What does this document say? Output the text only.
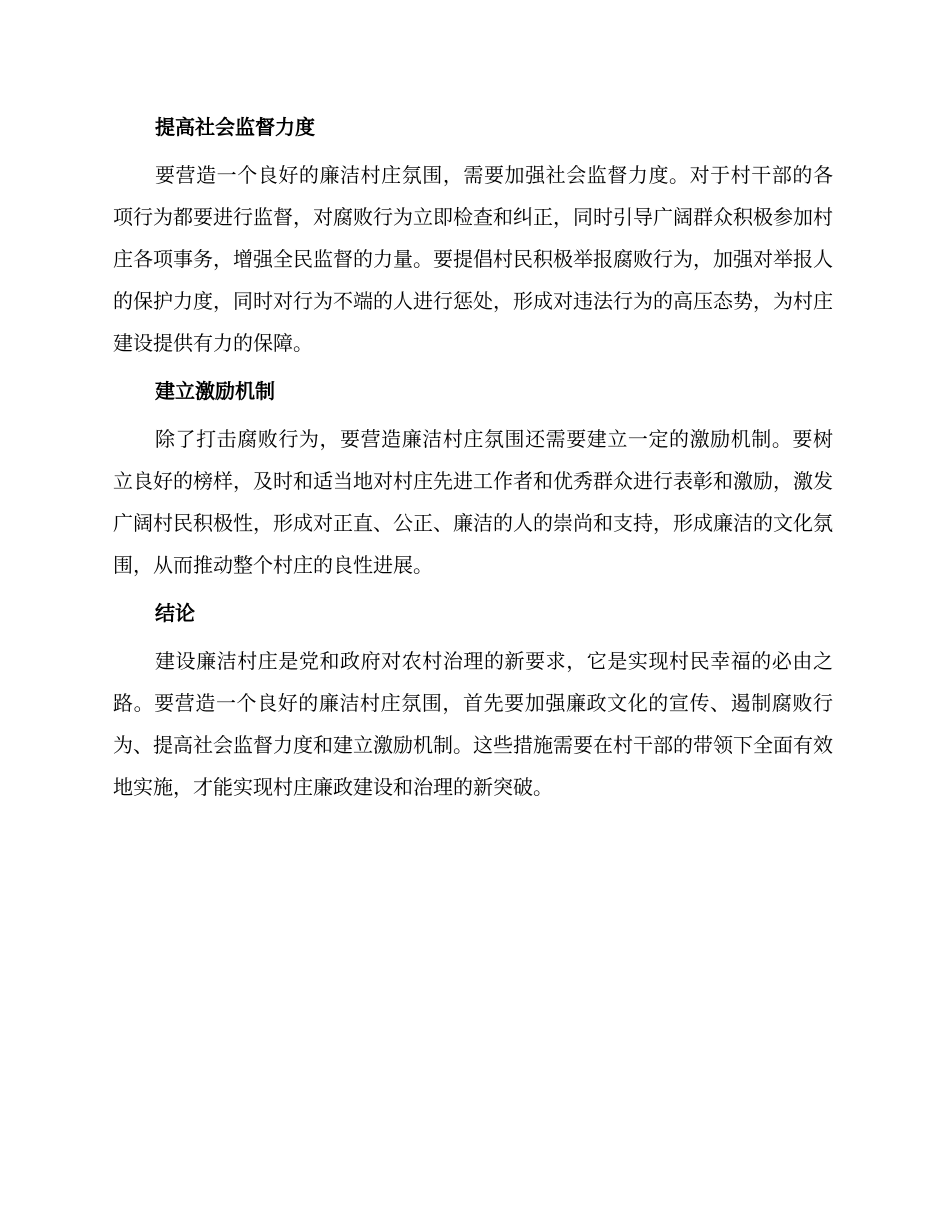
提高社会监督力度

要营造一个良好的廉洁村庄氛围，需要加强社会监督力度。对于村干部的各项行为都要进行监督，对腐败行为立即检查和纠正，同时引导广阔群众积极参加村庄各项事务，增强全民监督的力量。要提倡村民积极举报腐败行为，加强对举报人的保护力度，同时对行为不端的人进行惩处，形成对违法行为的高压态势，为村庄建设提供有力的保障。

建立激励机制

除了打击腐败行为，要营造廉洁村庄氛围还需要建立一定的激励机制。要树立良好的榜样，及时和适当地对村庄先进工作者和优秀群众进行表彰和激励，激发广阔村民积极性，形成对正直、公正、廉洁的人的崇尚和支持，形成廉洁的文化氛围，从而推动整个村庄的良性进展。

结论

建设廉洁村庄是党和政府对农村治理的新要求，它是实现村民幸福的必由之路。要营造一个良好的廉洁村庄氛围，首先要加强廉政文化的宣传、遏制腐败行为、提高社会监督力度和建立激励机制。这些措施需要在村干部的带领下全面有效地实施，才能实现村庄廉政建设和治理的新突破。
